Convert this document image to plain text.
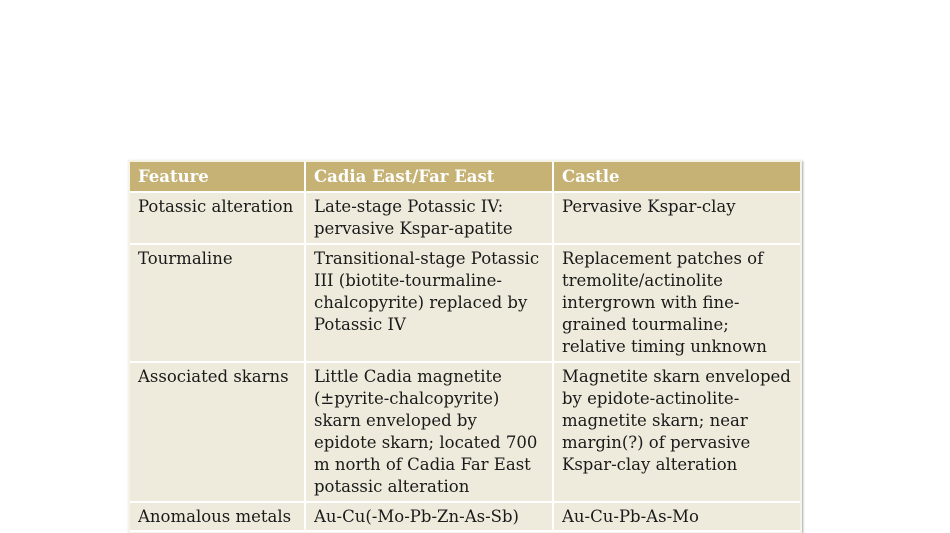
Feature	Cadia East/Far East	Castle
Potassic alteration	Late-stage Potassic IV: pervasive Kspar-apatite	Pervasive Kspar-clay
Tourmaline	Transitional-stage Potassic III (biotite-tourmaline-chalcopyrite) replaced by Potassic IV	Replacement patches of tremolite/actinolite intergrown with fine-grained tourmaline; relative timing unknown
Associated skarns	Little Cadia magnetite (±pyrite-chalcopyrite) skarn enveloped by epidote skarn; located 700 m north of Cadia Far East potassic alteration	Magnetite skarn enveloped by epidote-actinolite-magnetite skarn; near margin(?) of pervasive Kspar-clay alteration
Anomalous metals	Au-Cu(-Mo-Pb-Zn-As-Sb)	Au-Cu-Pb-As-Mo
